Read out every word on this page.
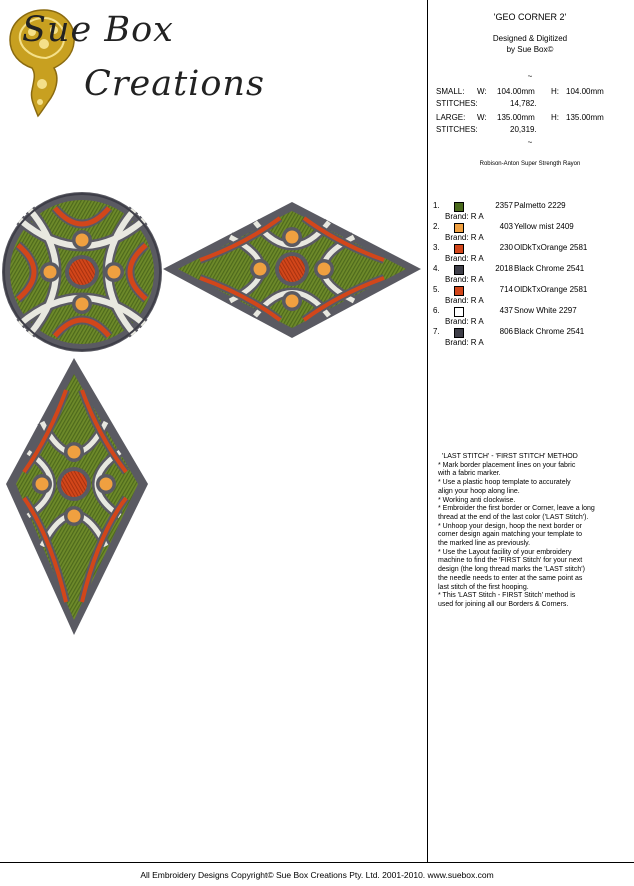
Sue Box
Creations
'GEO CORNER 2'
Designed & Digitized
by Sue Box©
~
SMALL: W: 104.00mm H: 104.00mm
STITCHES:	14,782.
LARGE: W: 135.00mm H: 135.00mm
STITCHES:	20,319.
~
Robison-Anton Super Strength Rayon
1.	2357 Palmetto 2229
Brand: R A
2.	403 Yellow mist 2409
Brand: R A
3.	230 OlDkTxOrange 2581
Brand: R A
4.	2018 Black Chrome 2541
Brand: R A
5.	714 OlDkTxOrange 2581
Brand: R A
6.	437 Snow White 2297
Brand: R A
7.	806 Black Chrome 2541
Brand: R A
'LAST STITCH' - 'FIRST STITCH' METHOD
* Mark border placement lines on your fabric
with a fabric marker.
* Use a plastic hoop template to accurately
align your hoop along line.
* Working anti clockwise.
* Embroider the first border or Corner, leave a long
thread at the end of the last color ('LAST Stitch').
* Unhoop your design, hoop the next border or
corner design again matching your template to
the marked line as previously.
* Use the Layout facility of your embroidery
machine to find the 'FIRST Stitch' for your next
design (the long thread marks the 'LAST stitch')
the needle needs to enter at the same point as
last stitch of the first hooping.
* This 'LAST Stitch - FIRST Stitch' method is
used for joining all our Borders & Corners.
All Embroidery Designs Copyright© Sue Box Creations Pty. Ltd. 2001-2010. www.suebox.com
